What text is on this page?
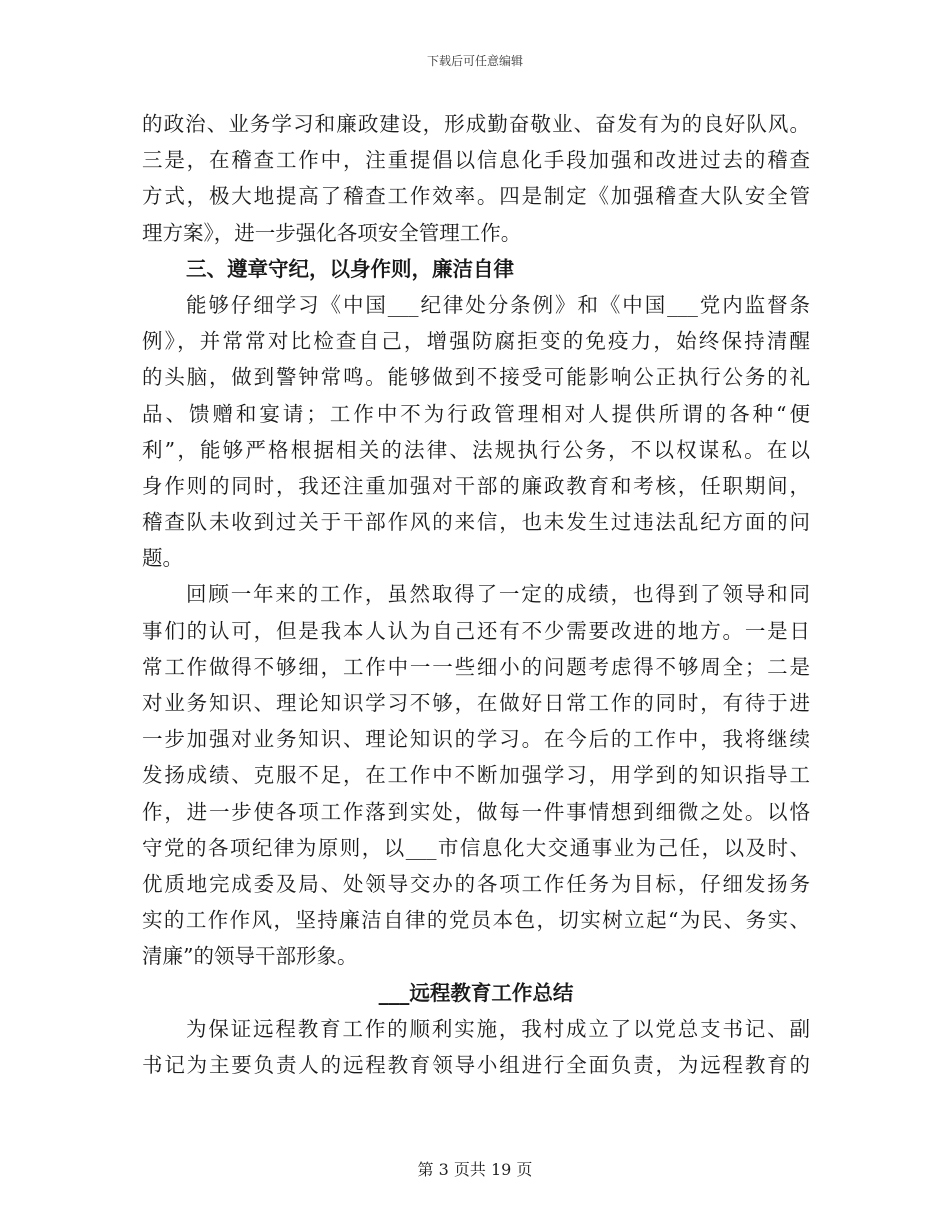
下载后可任意编辑
的政治、业务学习和廉政建设，形成勤奋敬业、奋发有为的良好队风。
三是，在稽查工作中，注重提倡以信息化手段加强和改进过去的稽查
方式，极大地提高了稽查工作效率。四是制定《加强稽查大队安全管
理方案》，进一步强化各项安全管理工作。
三、遵章守纪，以身作则，廉洁自律
能够仔细学习《中国___纪律处分条例》和《中国___党内监督条
例》，并常常对比检查自己，增强防腐拒变的免疫力，始终保持清醒
的头脑，做到警钟常鸣。能够做到不接受可能影响公正执行公务的礼
品、馈赠和宴请；工作中不为行政管理相对人提供所谓的各种“便
利”，能够严格根据相关的法律、法规执行公务，不以权谋私。在以
身作则的同时，我还注重加强对干部的廉政教育和考核，任职期间，
稽查队未收到过关于干部作风的来信，也未发生过违法乱纪方面的问
题。
回顾一年来的工作，虽然取得了一定的成绩，也得到了领导和同
事们的认可，但是我本人认为自己还有不少需要改进的地方。一是日
常工作做得不够细，工作中一一些细小的问题考虑得不够周全；二是
对业务知识、理论知识学习不够，在做好日常工作的同时，有待于进
一步加强对业务知识、理论知识的学习。在今后的工作中，我将继续
发扬成绩、克服不足，在工作中不断加强学习，用学到的知识指导工
作，进一步使各项工作落到实处，做每一件事情想到细微之处。以恪
守党的各项纪律为原则，以___市信息化大交通事业为己任，以及时、
优质地完成委及局、处领导交办的各项工作任务为目标，仔细发扬务
实的工作作风，坚持廉洁自律的党员本色，切实树立起“为民、务实、
清廉”的领导干部形象。
___远程教育工作总结
为保证远程教育工作的顺利实施，我村成立了以党总支书记、副
书记为主要负责人的远程教育领导小组进行全面负责，为远程教育的
第 3 页共 19 页
